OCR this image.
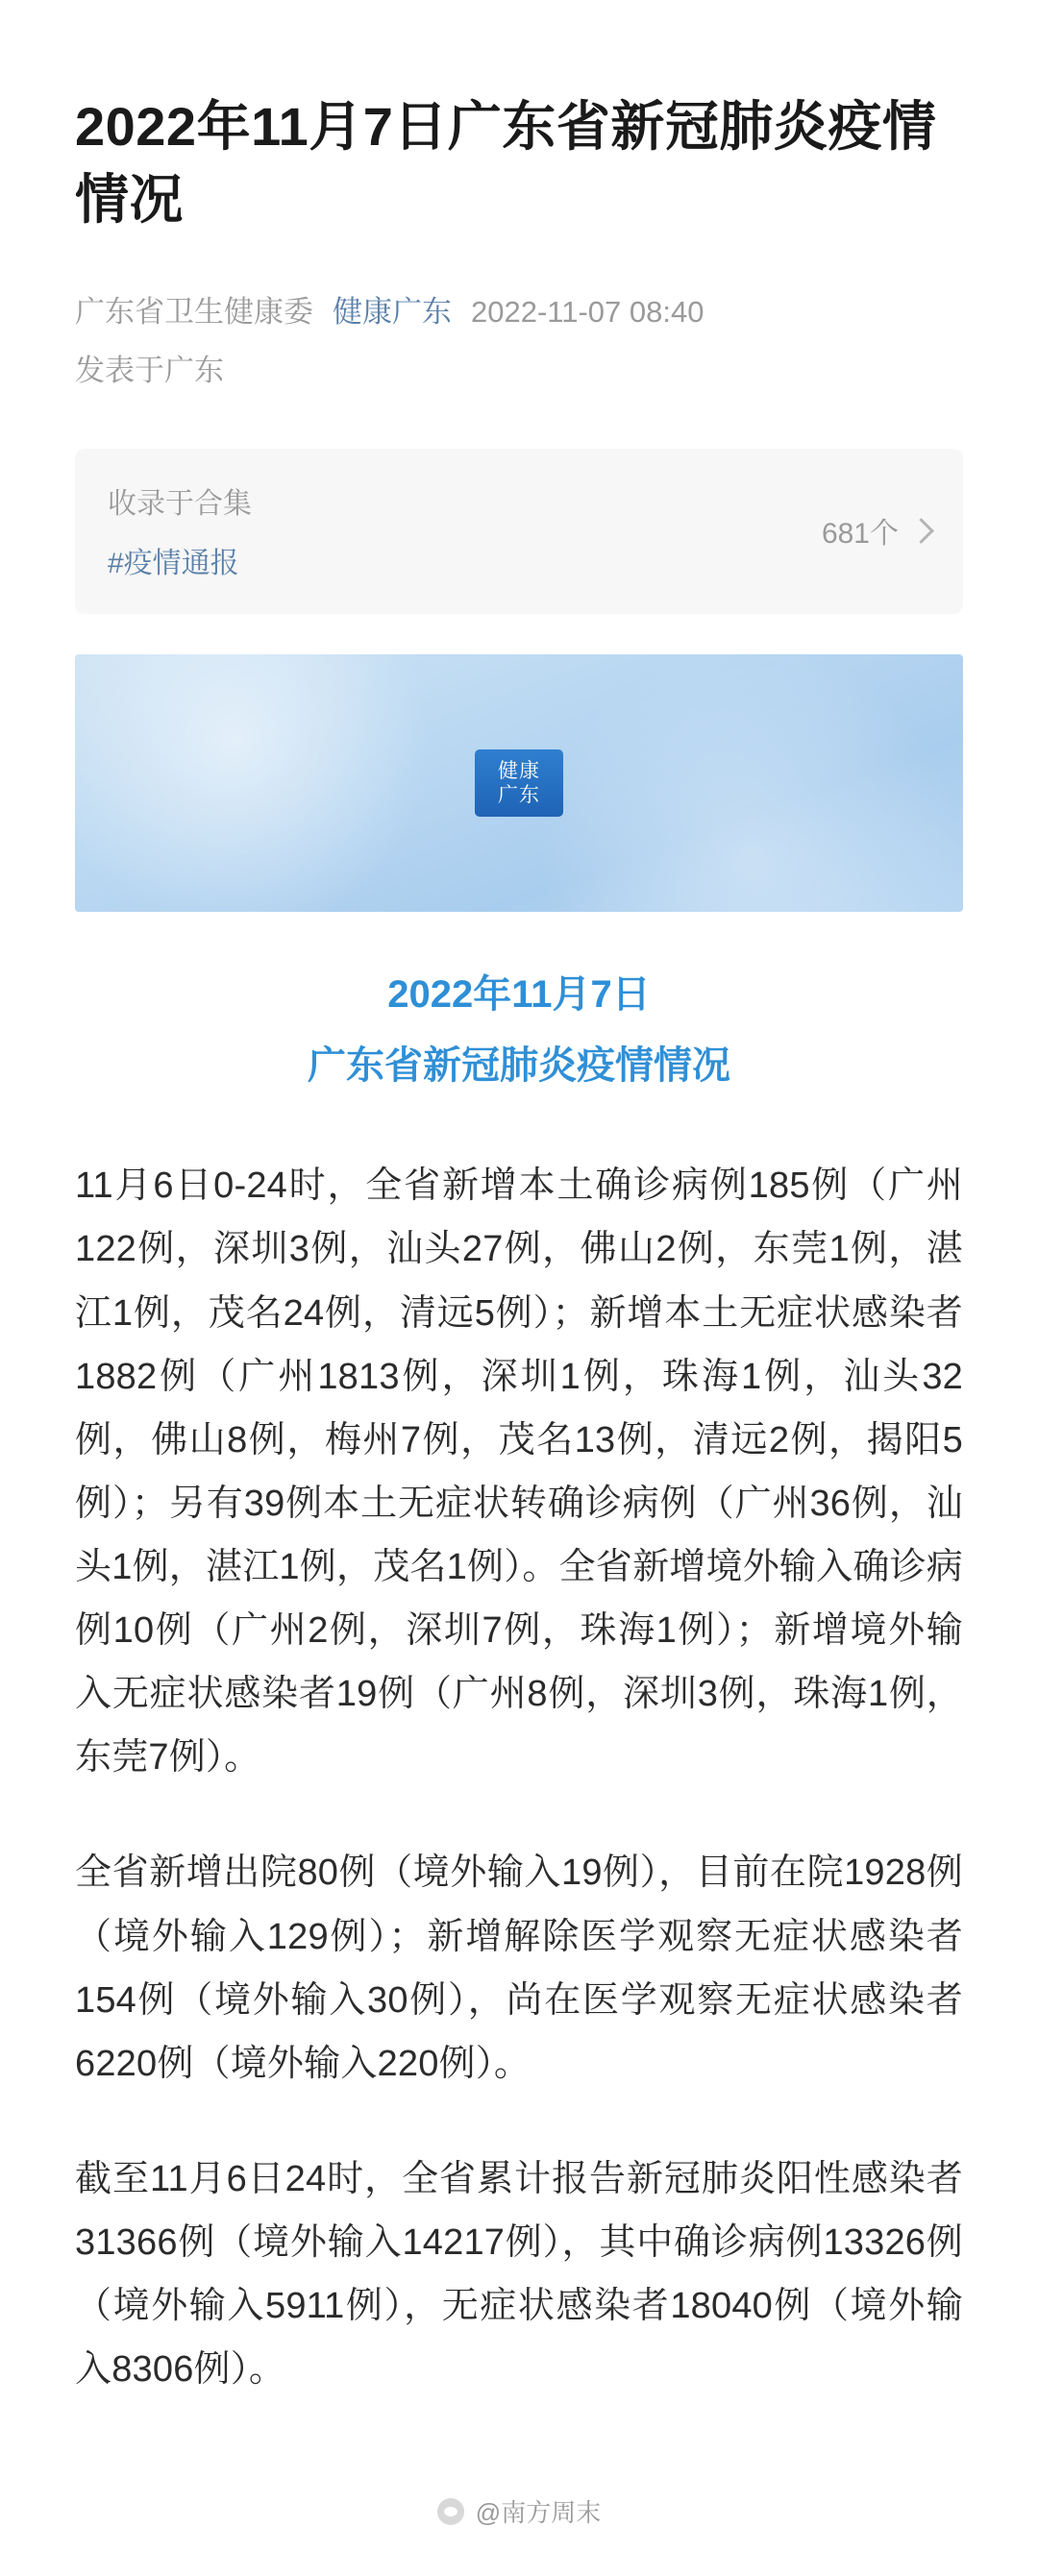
2022年11月7日广东省新冠肺炎疫情情况
广东省卫生健康委 健康广东 2022-11-07 08:40
发表于广东
收录于合集
#疫情通报
681个
健康
广东
2022年11月7日
广东省新冠肺炎疫情情况

11月6日0-24时，全省新增本土确诊病例185例（广州122例，深圳3例，汕头27例，佛山2例，东莞1例，湛江1例，茂名24例，清远5例）；新增本土无症状感染者1882例（广州1813例，深圳1例，珠海1例，汕头32例，佛山8例，梅州7例，茂名13例，清远2例，揭阳5例）；另有39例本土无症状转确诊病例（广州36例，汕头1例，湛江1例，茂名1例）。全省新增境外输入确诊病例10例（广州2例，深圳7例，珠海1例）；新增境外输入无症状感染者19例（广州8例，深圳3例，珠海1例，东莞7例）。

全省新增出院80例（境外输入19例），目前在院1928例（境外输入129例）；新增解除医学观察无症状感染者154例（境外输入30例），尚在医学观察无症状感染者6220例（境外输入220例）。

截至11月6日24时，全省累计报告新冠肺炎阳性感染者31366例（境外输入14217例），其中确诊病例13326例（境外输入5911例），无症状感染者18040例（境外输入8306例）。

@南方周末
